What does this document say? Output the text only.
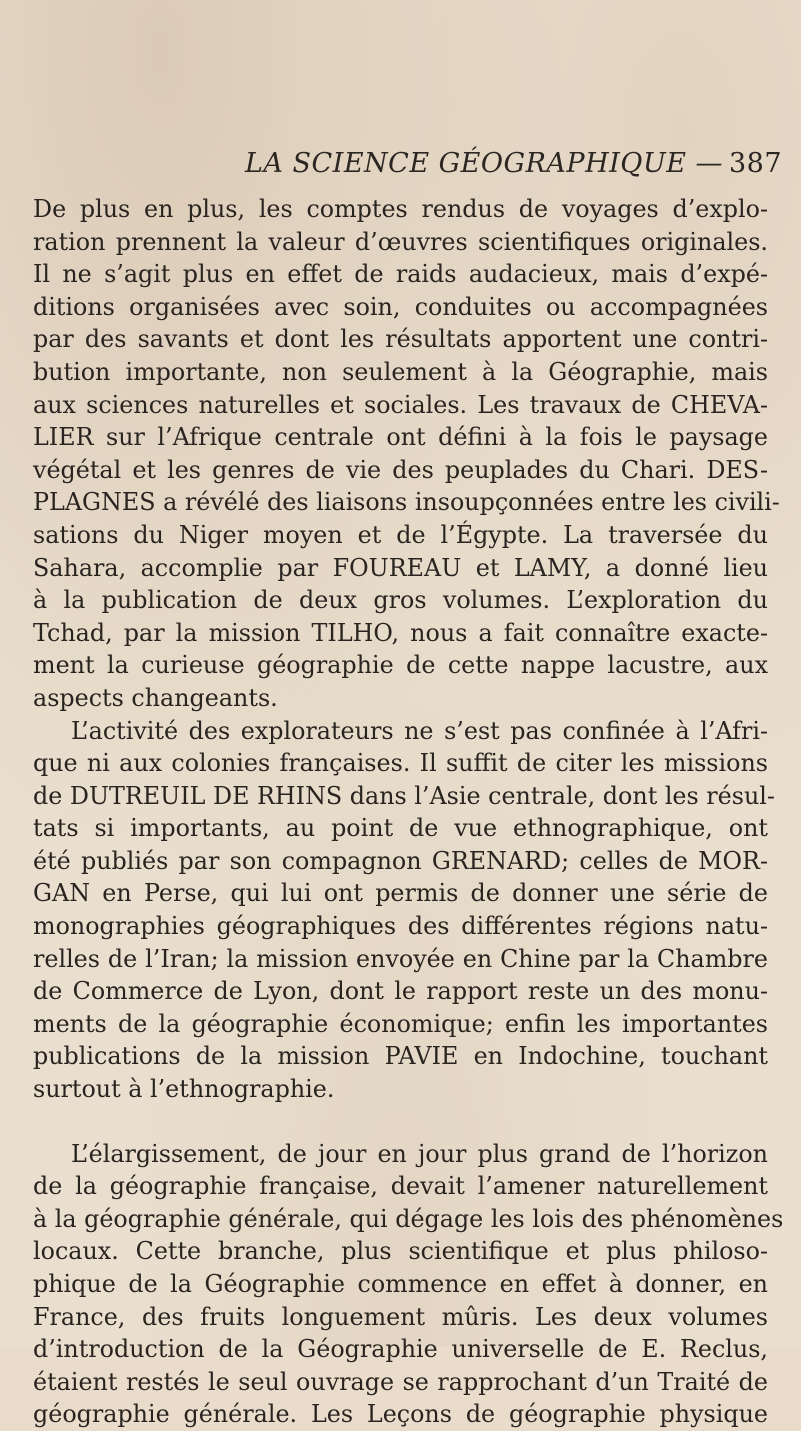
LA SCIENCE GÉOGRAPHIQUE — 387
De plus en plus, les comptes rendus de voyages d’explo-
ration prennent la valeur d’œuvres scientifiques originales.
Il ne s’agit plus en effet de raids audacieux, mais d’expé-
ditions organisées avec soin, conduites ou accompagnées
par des savants et dont les résultats apportent une contri-
bution importante, non seulement à la Géographie, mais
aux sciences naturelles et sociales. Les travaux de CHEVA-
LIER sur l’Afrique centrale ont défini à la fois le paysage
végétal et les genres de vie des peuplades du Chari. DES-
PLAGNES a révélé des liaisons insoupçonnées entre les civili-
sations du Niger moyen et de l’Égypte. La traversée du
Sahara, accomplie par FOUREAU et LAMY, a donné lieu
à la publication de deux gros volumes. L’exploration du
Tchad, par la mission TILHO, nous a fait connaître exacte-
ment la curieuse géographie de cette nappe lacustre, aux
aspects changeants.
L’activité des explorateurs ne s’est pas confinée à l’Afri-
que ni aux colonies françaises. Il suffit de citer les missions
de DUTREUIL DE RHINS dans l’Asie centrale, dont les résul-
tats si importants, au point de vue ethnographique, ont
été publiés par son compagnon GRENARD; celles de MOR-
GAN en Perse, qui lui ont permis de donner une série de
monographies géographiques des différentes régions natu-
relles de l’Iran; la mission envoyée en Chine par la Chambre
de Commerce de Lyon, dont le rapport reste un des monu-
ments de la géographie économique; enfin les importantes
publications de la mission PAVIE en Indochine, touchant
surtout à l’ethnographie.
L’élargissement, de jour en jour plus grand de l’horizon
de la géographie française, devait l’amener naturellement
à la géographie générale, qui dégage les lois des phénomènes
locaux. Cette branche, plus scientifique et plus philoso-
phique de la Géographie commence en effet à donner, en
France, des fruits longuement mûris. Les deux volumes
d’introduction de la Géographie universelle de E. Reclus,
étaient restés le seul ouvrage se rapprochant d’un Traité de
géographie générale. Les Leçons de géographie physique
